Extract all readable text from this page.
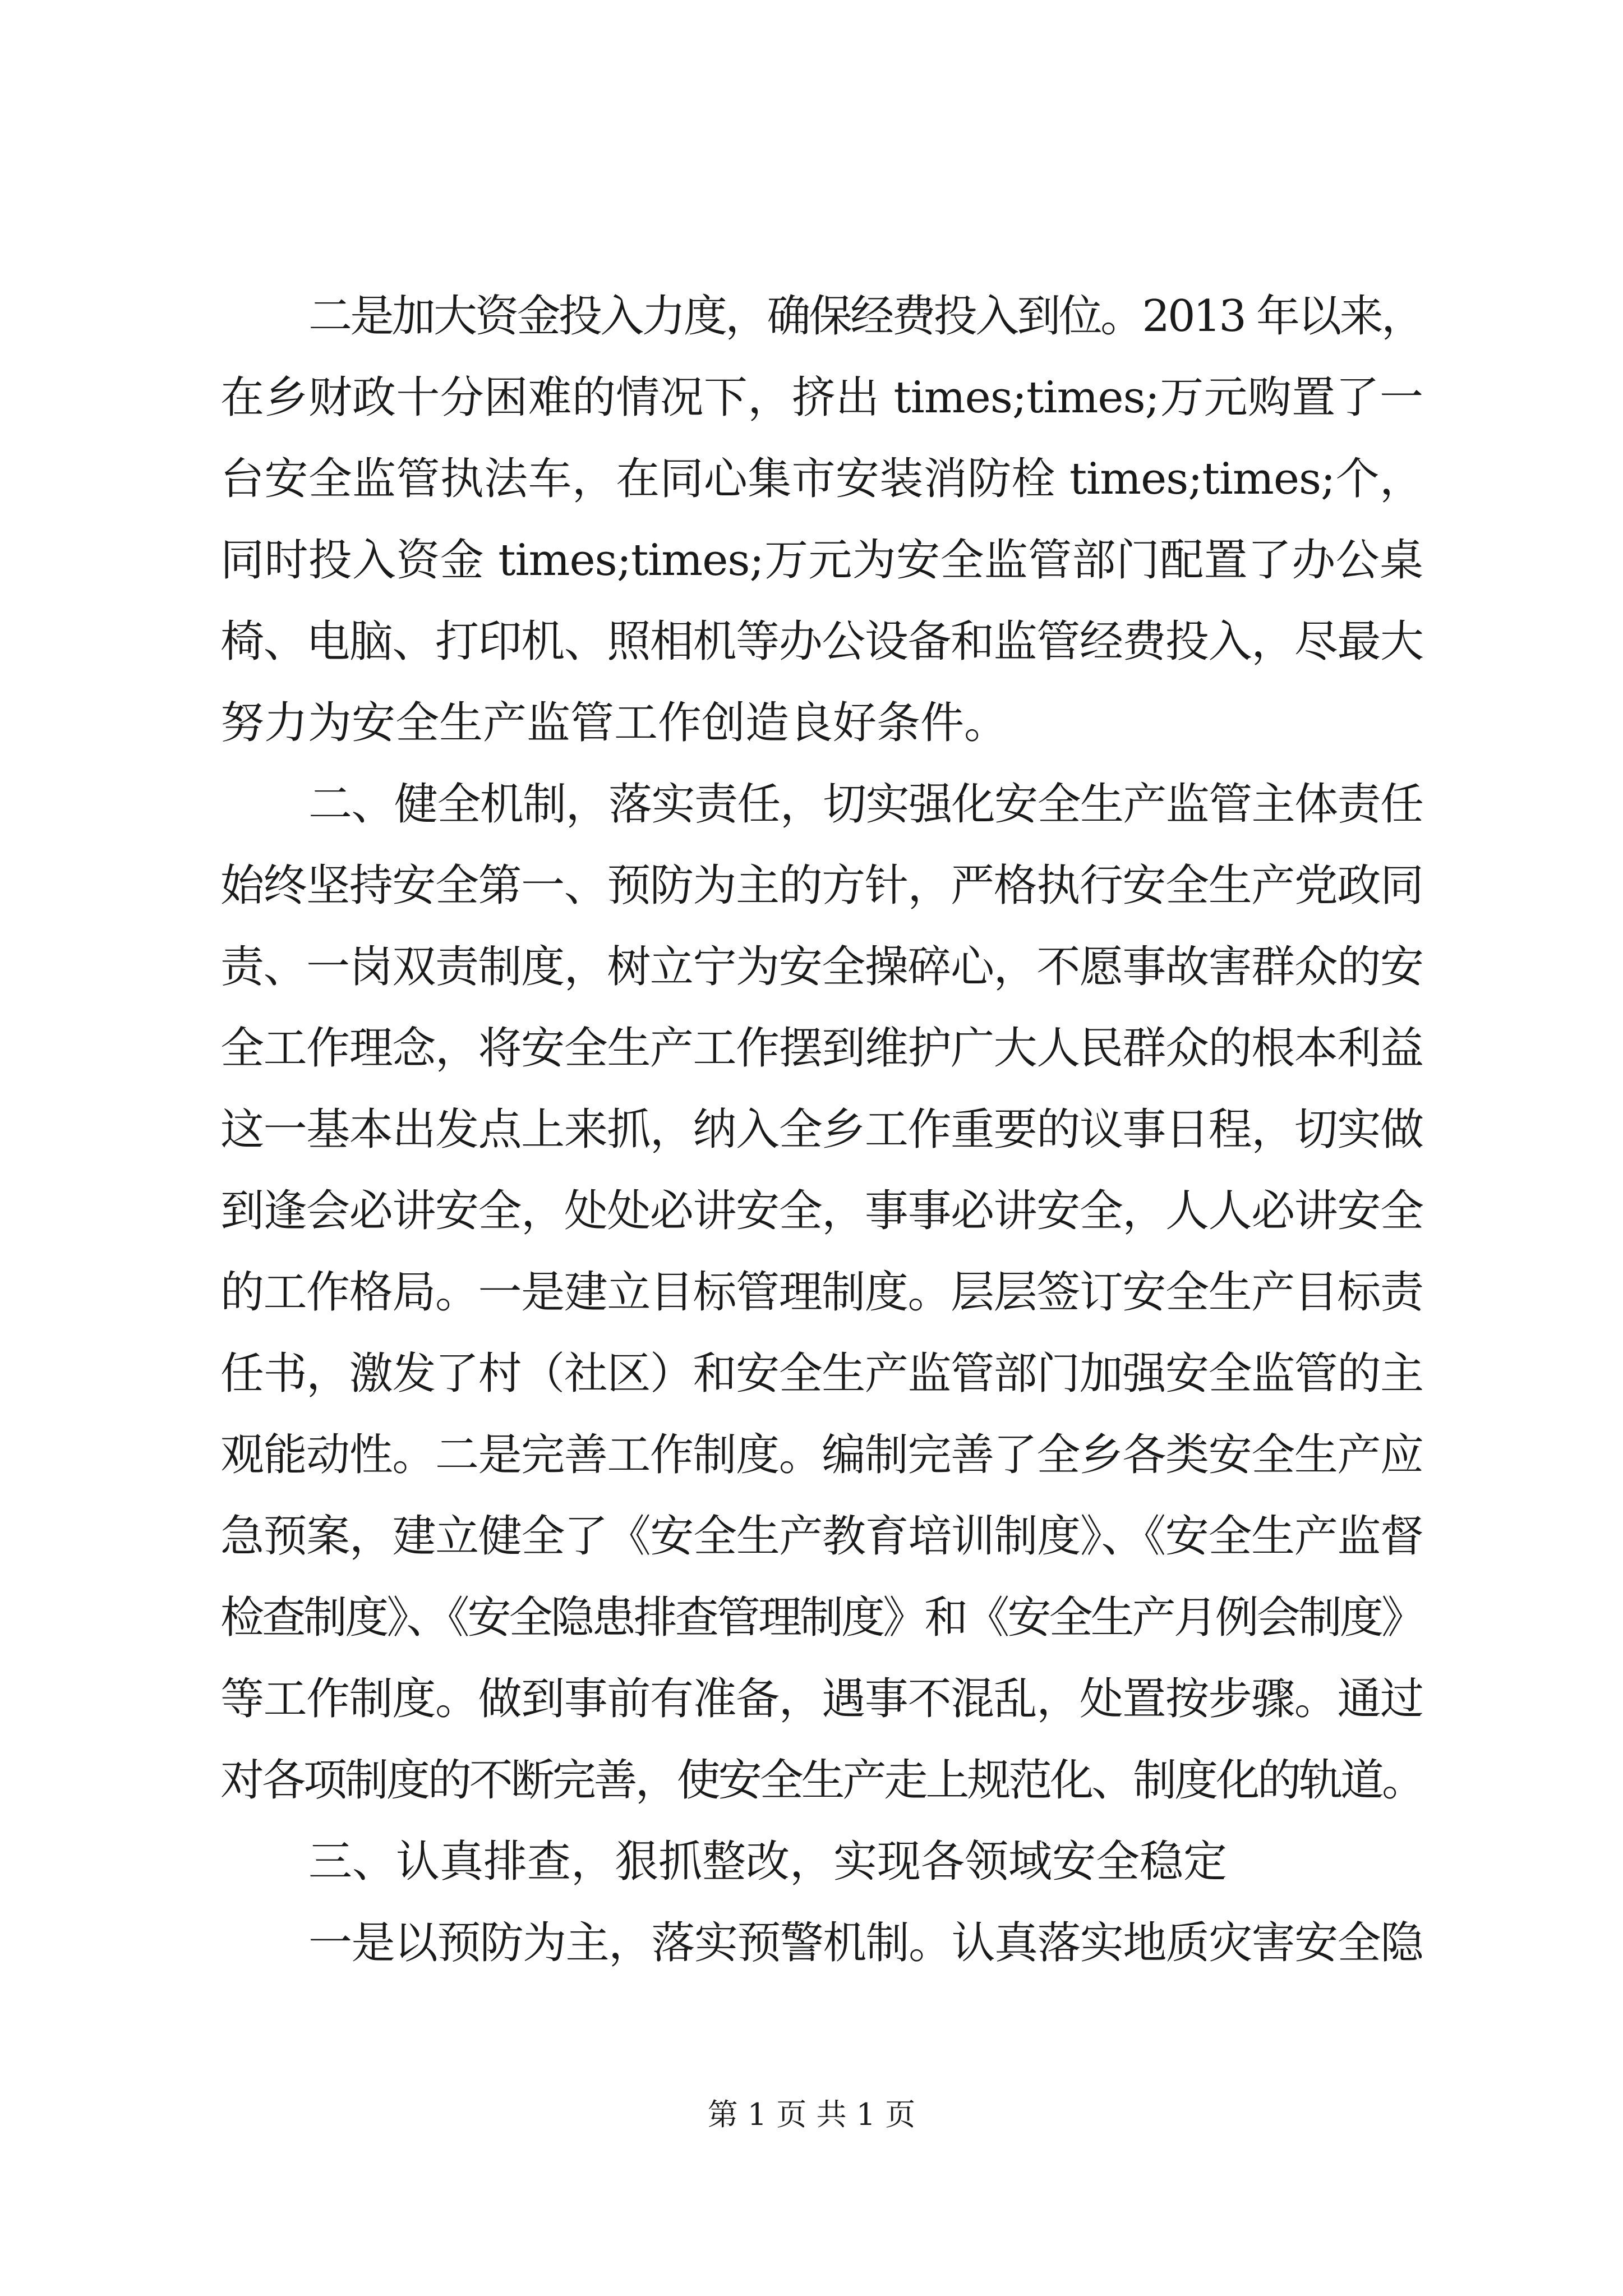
二是加大资金投入力度，确保经费投入到位。2013 年以来，

在乡财政十分困难的情况下，挤出 times;times;万元购置了一

台安全监管执法车，在同心集市安装消防栓 times;times;个，

同时投入资金 times;times;万元为安全监管部门配置了办公桌

椅、电脑、打印机、照相机等办公设备和监管经费投入，尽最大

努力为安全生产监管工作创造良好条件。

二、健全机制，落实责任，切实强化安全生产监管主体责任

始终坚持安全第一、预防为主的方针，严格执行安全生产党政同

责、一岗双责制度，树立宁为安全操碎心，不愿事故害群众的安

全工作理念，将安全生产工作摆到维护广大人民群众的根本利益

这一基本出发点上来抓，纳入全乡工作重要的议事日程，切实做

到逢会必讲安全，处处必讲安全，事事必讲安全，人人必讲安全

的工作格局。一是建立目标管理制度。层层签订安全生产目标责

任书，激发了村（社区）和安全生产监管部门加强安全监管的主

观能动性。二是完善工作制度。编制完善了全乡各类安全生产应

急预案，建立健全了《安全生产教育培训制度》、《安全生产监督

检查制度》、《安全隐患排查管理制度》和《安全生产月例会制度》

等工作制度。做到事前有准备，遇事不混乱，处置按步骤。通过

对各项制度的不断完善，使安全生产走上规范化、制度化的轨道。

三、认真排查，狠抓整改，实现各领域安全稳定

一是以预防为主，落实预警机制。认真落实地质灾害安全隐

第 1 页 共 1 页
